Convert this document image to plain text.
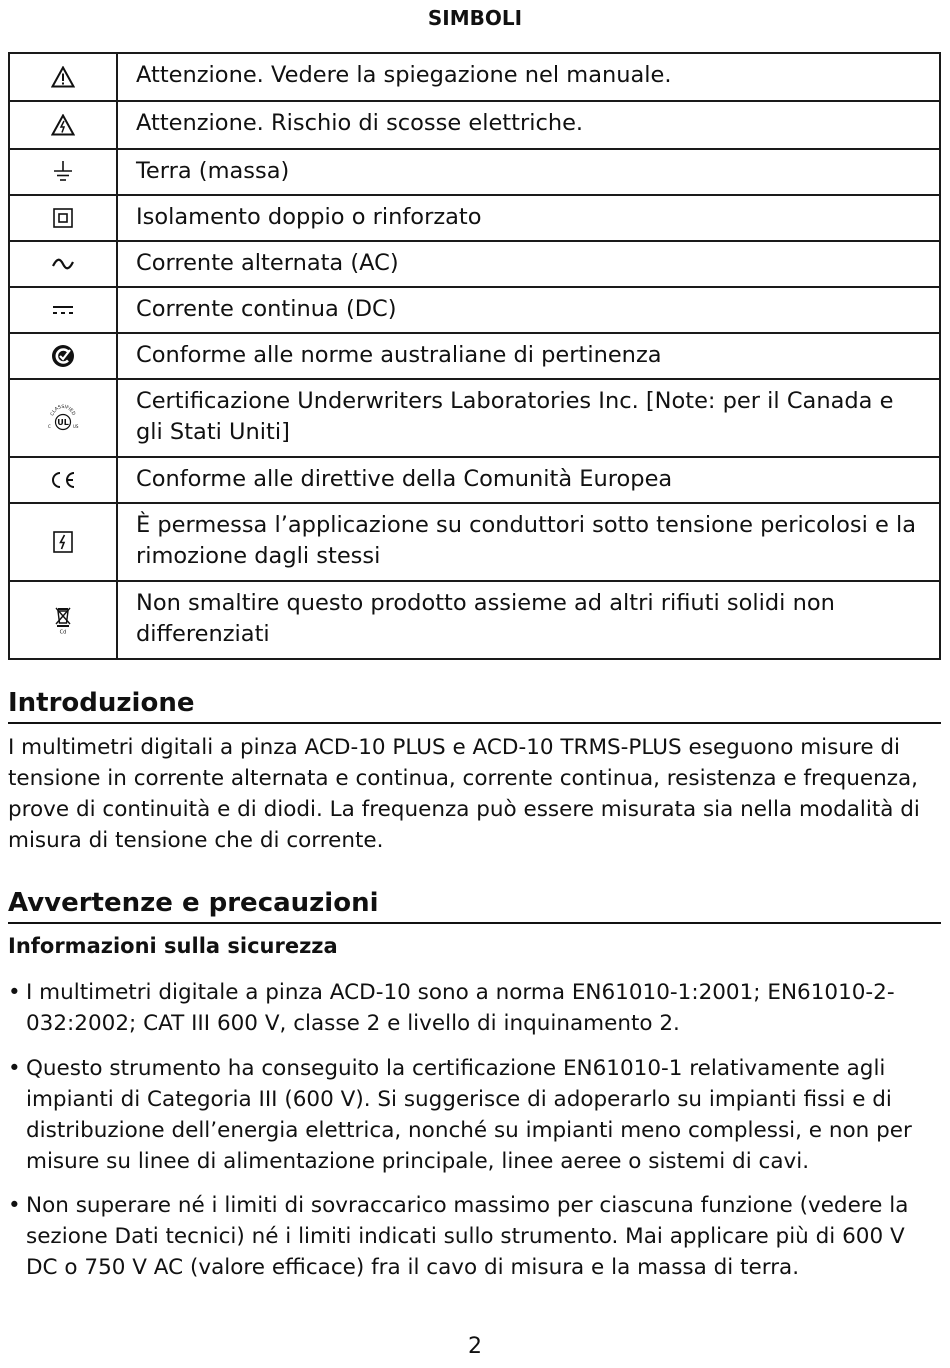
SIMBOLI
	Attenzione. Vedere la spiegazione nel manuale.

	Attenzione. Rischio di scosse elettriche.

	Terra (massa)

	Isolamento doppio o rinforzato

	Corrente alternata (AC)

	Corrente continua (DC)

	Conforme alle norme australiane di pertinenza

CLASSIFIED
UL
C US	Certificazione Underwriters Laboratories Inc. [Note: per il Canada e gli Stati Uniti]

	Conforme alle direttive della Comunità Europea

	È permessa l’applicazione su conduttori sotto tensione pericolosi e la rimozione dagli stessi

Cd	Non smaltire questo prodotto assieme ad altri rifiuti solidi non differenziati
Introduzione
I multimetri digitali a pinza ACD-10 PLUS e ACD-10 TRMS-PLUS eseguono misure di tensione in corrente alternata e continua, corrente continua, resistenza e frequenza, prove di continuità e di diodi. La frequenza può essere misurata sia nella modalità di misura di tensione che di corrente.
Avvertenze e precauzioni
Informazioni sulla sicurezza
• I multimetri digitale a pinza ACD-10 sono a norma EN61010-1:2001; EN61010-2-032:2002; CAT III 600 V, classe 2 e livello di inquinamento 2.
• Questo strumento ha conseguito la certificazione EN61010-1 relativamente agli impianti di Categoria III (600 V). Si suggerisce di adoperarlo su impianti fissi e di distribuzione dell’energia elettrica, nonché su impianti meno complessi, e non per misure su linee di alimentazione principale, linee aeree o sistemi di cavi.
• Non superare né i limiti di sovraccarico massimo per ciascuna funzione (vedere la sezione Dati tecnici) né i limiti indicati sullo strumento. Mai applicare più di 600 V DC o 750 V AC (valore efficace) fra il cavo di misura e la massa di terra.
2
